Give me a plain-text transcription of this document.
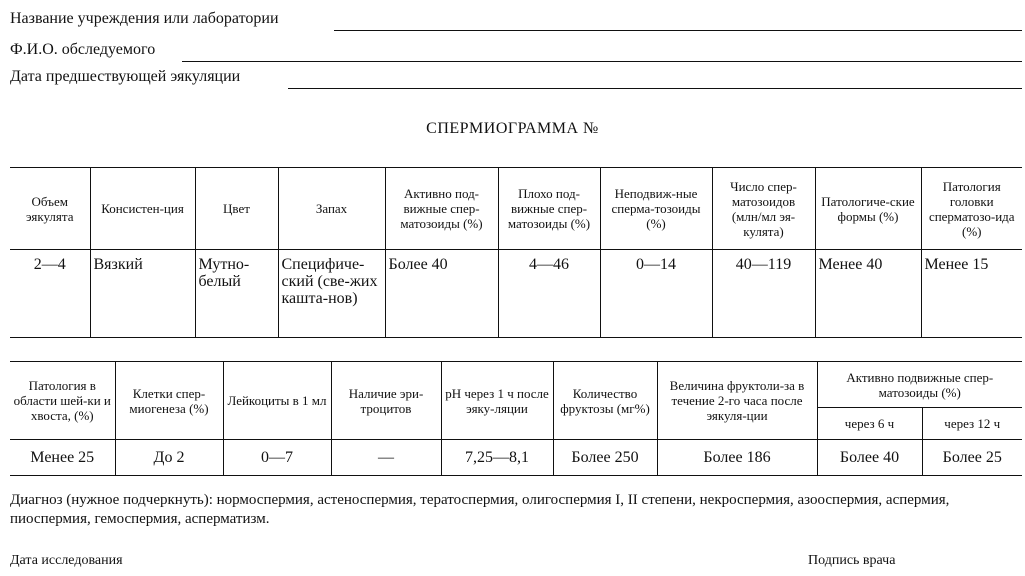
Название учреждения или лаборатории
Ф.И.О. обследуемого
Дата предшествующей эякуляции
СПЕРМИОГРАММА №
Объем эякулята	Консистен-ция	Цвет	Запах	Активно под-вижные спер-матозоиды (%)	Плохо под-вижные спер-матозоиды (%)	Неподвиж-ные сперма-тозоиды (%)	Число спер-матозоидов (млн/мл эя-кулята)	Патологиче-ские формы (%)	Патология головки сперматозо-ида (%)
2—4	Вязкий	Мутно-белый	Специфиче-ский (све-жих кашта-нов)	Более 40	4—46	0—14	40—119	Менее 40	Менее 15
Патология в области шей-ки и хвоста, (%)	Клетки спер-миогенеза (%)	Лейкоциты в 1 мл	Наличие эри-троцитов	pH через 1 ч после эяку-ляции	Количество фруктозы (мг%)	Величина фруктоли-за в течение 2-го часа после эякуля-ции	Активно подвижные спер-матозоиды (%)	
							через 6 ч	через 12 ч
Менее 25	До 2	0—7	—	7,25—8,1	Более 250	Более 186	Более 40	Более 25
Диагноз (нужное подчеркнуть): нормоспермия, астеноспермия, тератоспермия, олигоспермия I, II степени, некроспермия, азооспермия, аспермия, пиоспермия, гемоспермия, асперматизм.
Дата исследования	Подпись врача
